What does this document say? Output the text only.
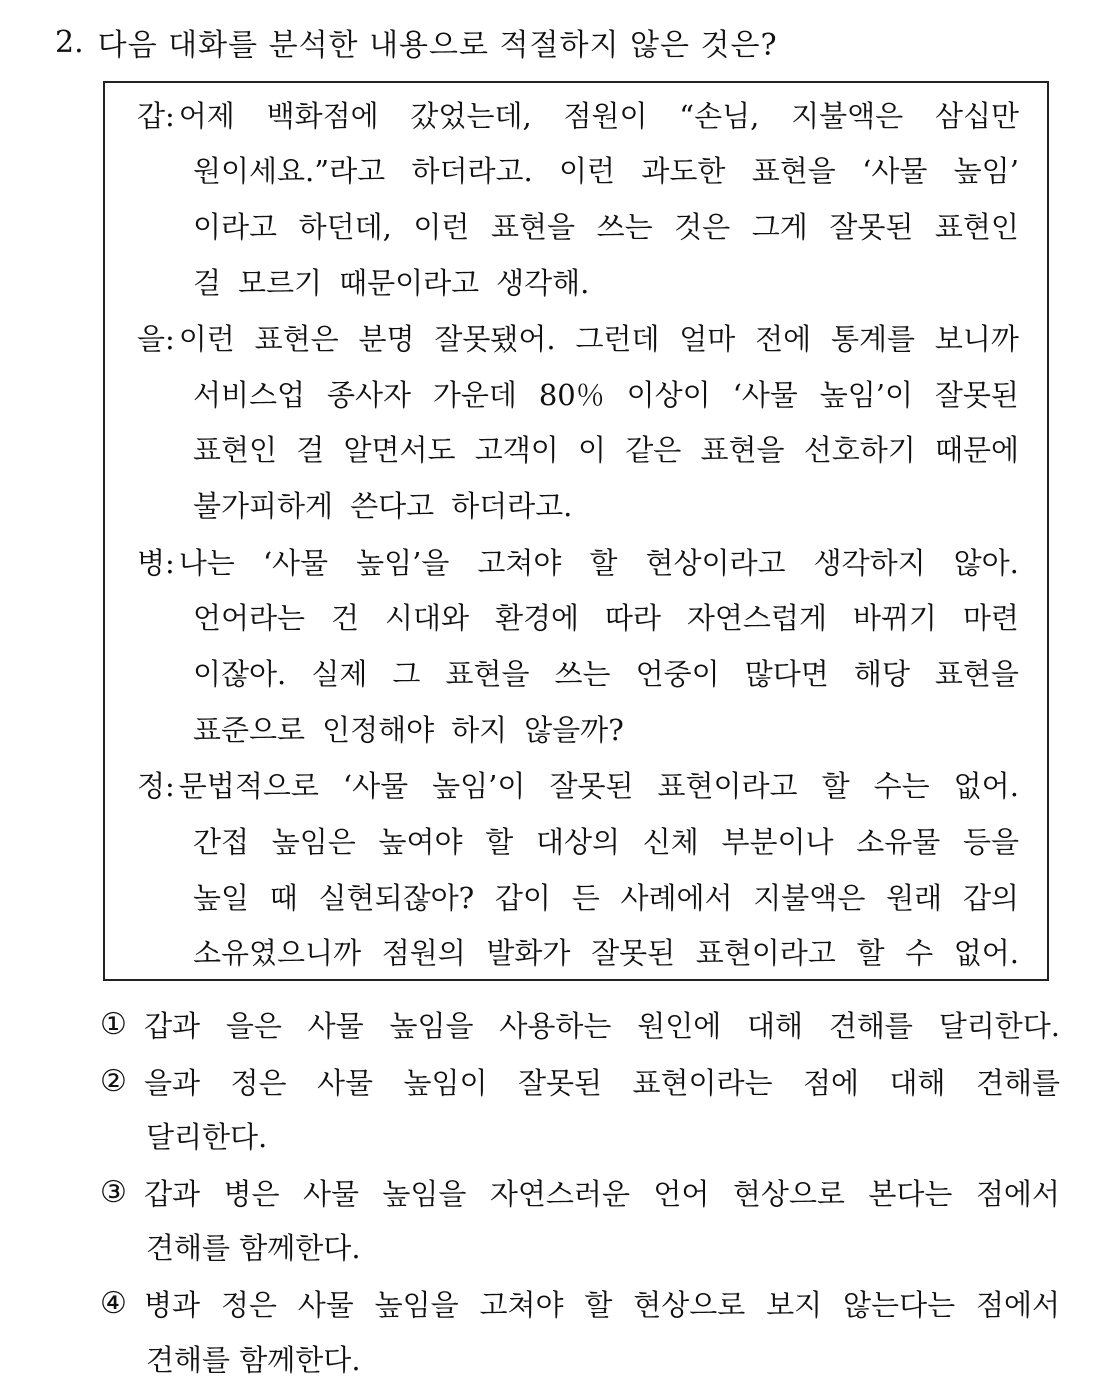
2. 다음 대화를 분석한 내용으로 적절하지 않은 것은?
갑: 어제 백화점에 갔었는데, 점원이 “손님, 지불액은 삼십만
원이세요.”라고 하더라고. 이런 과도한 표현을 ‘사물 높임’
이라고 하던데, 이런 표현을 쓰는 것은 그게 잘못된 표현인
걸 모르기 때문이라고 생각해.
을: 이런 표현은 분명 잘못됐어. 그런데 얼마 전에 통계를 보니까
서비스업 종사자 가운데 80％ 이상이 ‘사물 높임’이 잘못된
표현인 걸 알면서도 고객이 이 같은 표현을 선호하기 때문에
불가피하게 쓴다고 하더라고.
병: 나는 ‘사물 높임’을 고쳐야 할 현상이라고 생각하지 않아.
언어라는 건 시대와 환경에 따라 자연스럽게 바뀌기 마련
이잖아. 실제 그 표현을 쓰는 언중이 많다면 해당 표현을
표준으로 인정해야 하지 않을까?
정: 문법적으로 ‘사물 높임’이 잘못된 표현이라고 할 수는 없어.
간접 높임은 높여야 할 대상의 신체 부분이나 소유물 등을
높일 때 실현되잖아? 갑이 든 사례에서 지불액은 원래 갑의
소유였으니까 점원의 발화가 잘못된 표현이라고 할 수 없어.
① 갑과 을은 사물 높임을 사용하는 원인에 대해 견해를 달리한다.
② 을과 정은 사물 높임이 잘못된 표현이라는 점에 대해 견해를
달리한다.
③ 갑과 병은 사물 높임을 자연스러운 언어 현상으로 본다는 점에서
견해를 함께한다.
④ 병과 정은 사물 높임을 고쳐야 할 현상으로 보지 않는다는 점에서
견해를 함께한다.
